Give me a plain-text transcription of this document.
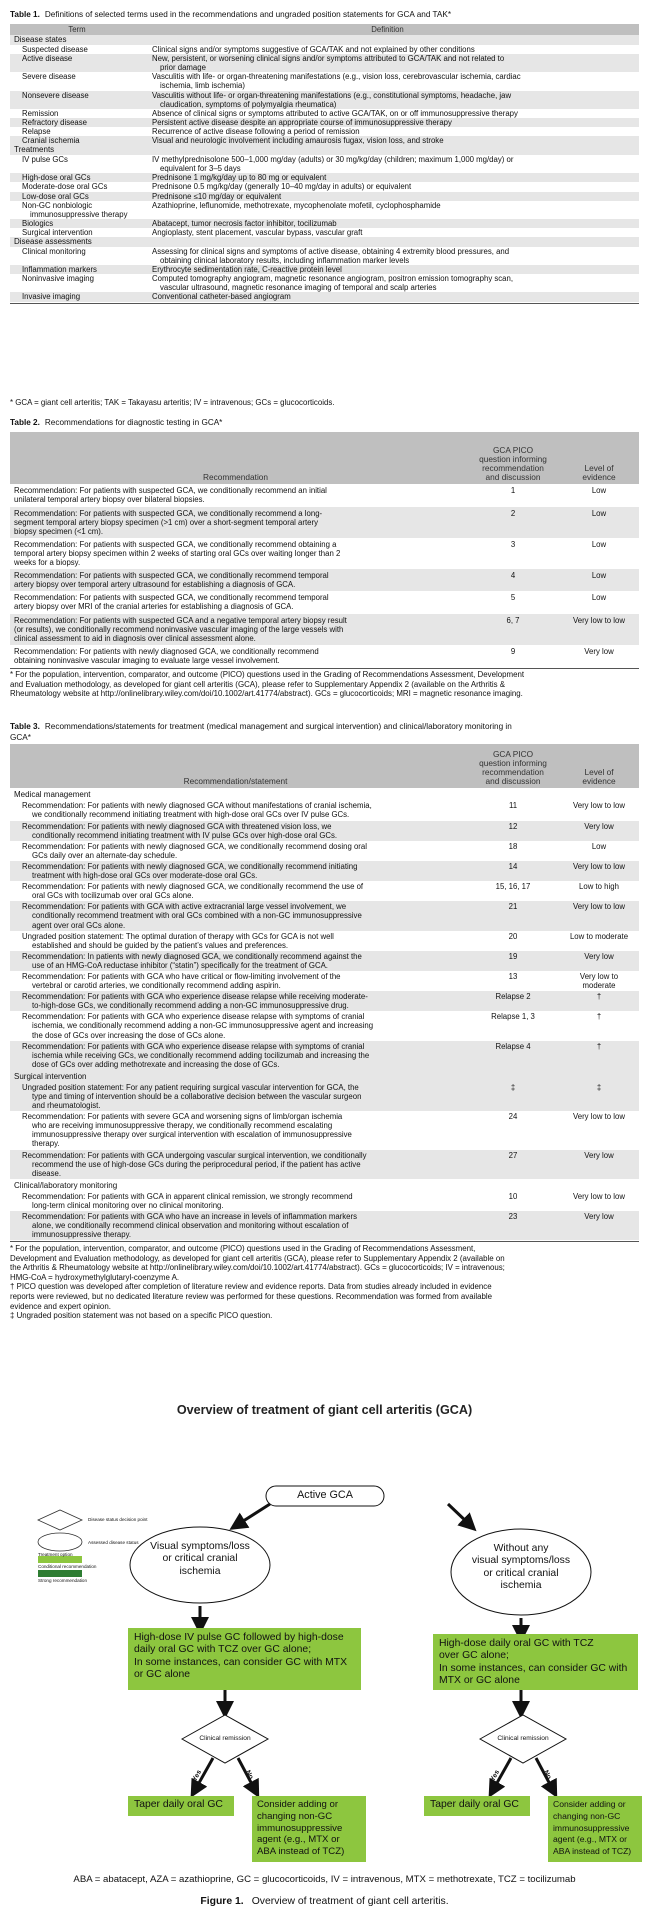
Table 1. Definitions of selected terms used in the recommendations and ungraded position statements for GCA and TAK*
Term	Definition
Disease states
Suspected disease	Clinical signs and/or symptoms suggestive of GCA/TAK and not explained by other conditions
Active disease	New, persistent, or worsening clinical signs and/or symptoms attributed to GCA/TAK and not related to
prior damage
Severe disease	Vasculitis with life- or organ-threatening manifestations (e.g., vision loss, cerebrovascular ischemia, cardiac
ischemia, limb ischemia)
Nonsevere disease	Vasculitis without life- or organ-threatening manifestations (e.g., constitutional symptoms, headache, jaw
claudication, symptoms of polymyalgia rheumatica)
Remission	Absence of clinical signs or symptoms attributed to active GCA/TAK, on or off immunosuppressive therapy
Refractory disease	Persistent active disease despite an appropriate course of immunosuppressive therapy
Relapse	Recurrence of active disease following a period of remission
Cranial ischemia	Visual and neurologic involvement including amaurosis fugax, vision loss, and stroke
Treatments
IV pulse GCs	IV methylprednisolone 500–1,000 mg/day (adults) or 30 mg/kg/day (children; maximum 1,000 mg/day) or
equivalent for 3–5 days
High-dose oral GCs	Prednisone 1 mg/kg/day up to 80 mg or equivalent
Moderate-dose oral GCs	Prednisone 0.5 mg/kg/day (generally 10–40 mg/day in adults) or equivalent
Low-dose oral GCs	Prednisone ≤10 mg/day or equivalent
Non-GC nonbiologic
immunosuppressive therapy
Azathioprine, leflunomide, methotrexate, mycophenolate mofetil, cyclophosphamide
Biologics	Abatacept, tumor necrosis factor inhibitor, tocilizumab
Surgical intervention	Angioplasty, stent placement, vascular bypass, vascular graft
Disease assessments
Clinical monitoring	Assessing for clinical signs and symptoms of active disease, obtaining 4 extremity blood pressures, and
obtaining clinical laboratory results, including inflammation marker levels
Inflammation markers	Erythrocyte sedimentation rate, C-reactive protein level
Noninvasive imaging	Computed tomography angiogram, magnetic resonance angiogram, positron emission tomography scan,
vascular ultrasound, magnetic resonance imaging of temporal and scalp arteries
Invasive imaging	Conventional catheter-based angiogram
* GCA = giant cell arteritis; TAK = Takayasu arteritis; IV = intravenous; GCs = glucocorticoids.
Table 2. Recommendations for diagnostic testing in GCA*
Recommendation
GCA PICO
question informing
recommendation
and discussion
Level of
evidence
Recommendation: For patients with suspected GCA, we conditionally recommend an initial
unilateral temporal artery biopsy over bilateral biopsies.
1	Low
Recommendation: For patients with suspected GCA, we conditionally recommend a long-
segment temporal artery biopsy specimen (>1 cm) over a short-segment temporal artery
biopsy specimen (<1 cm).
2	Low
Recommendation: For patients with suspected GCA, we conditionally recommend obtaining a
temporal artery biopsy specimen within 2 weeks of starting oral GCs over waiting longer than 2
weeks for a biopsy.
3	Low
Recommendation: For patients with suspected GCA, we conditionally recommend temporal
artery biopsy over temporal artery ultrasound for establishing a diagnosis of GCA.
4	Low
Recommendation: For patients with suspected GCA, we conditionally recommend temporal
artery biopsy over MRI of the cranial arteries for establishing a diagnosis of GCA.
5	Low
Recommendation: For patients with suspected GCA and a negative temporal artery biopsy result
(or results), we conditionally recommend noninvasive vascular imaging of the large vessels with
clinical assessment to aid in diagnosis over clinical assessment alone.
6, 7	Very low to low
Recommendation: For patients with newly diagnosed GCA, we conditionally recommend
obtaining noninvasive vascular imaging to evaluate large vessel involvement.
9	Very low
* For the population, intervention, comparator, and outcome (PICO) questions used in the Grading of Recommendations Assessment, Development
and Evaluation methodology, as developed for giant cell arteritis (GCA), please refer to Supplementary Appendix 2 (available on the Arthritis &
Rheumatology website at http://onlinelibrary.wiley.com/doi/10.1002/art.41774/abstract). GCs = glucocorticoids; MRI = magnetic resonance imaging.
Table 3. Recommendations/statements for treatment (medical management and surgical intervention) and clinical/laboratory monitoring in
GCA*
Recommendation/statement
GCA PICO
question informing
recommendation
and discussion
Level of
evidence
Medical management
Recommendation: For patients with newly diagnosed GCA without manifestations of cranial ischemia,
we conditionally recommend initiating treatment with high-dose oral GCs over IV pulse GCs.
11	Very low to low
Recommendation: For patients with newly diagnosed GCA with threatened vision loss, we
conditionally recommend initiating treatment with IV pulse GCs over high-dose oral GCs.
12	Very low
Recommendation: For patients with newly diagnosed GCA, we conditionally recommend dosing oral
GCs daily over an alternate-day schedule.
18	Low
Recommendation: For patients with newly diagnosed GCA, we conditionally recommend initiating
treatment with high-dose oral GCs over moderate-dose oral GCs.
14	Very low to low
Recommendation: For patients with newly diagnosed GCA, we conditionally recommend the use of
oral GCs with tocilizumab over oral GCs alone.
15, 16, 17	Low to high
Recommendation: For patients with GCA with active extracranial large vessel involvement, we
conditionally recommend treatment with oral GCs combined with a non-GC immunosuppressive
agent over oral GCs alone.
21	Very low to low
Ungraded position statement: The optimal duration of therapy with GCs for GCA is not well
established and should be guided by the patient’s values and preferences.
20	Low to moderate
Recommendation: In patients with newly diagnosed GCA, we conditionally recommend against the
use of an HMG-CoA reductase inhibitor (“statin”) specifically for the treatment of GCA.
19	Very low
Recommendation: For patients with GCA who have critical or flow-limiting involvement of the
vertebral or carotid arteries, we conditionally recommend adding aspirin.
13	Very low to
moderate
Recommendation: For patients with GCA who experience disease relapse while receiving moderate-
to-high-dose GCs, we conditionally recommend adding a non-GC immunosuppressive drug.
Relapse 2	†
Recommendation: For patients with GCA who experience disease relapse with symptoms of cranial
ischemia, we conditionally recommend adding a non-GC immunosuppressive agent and increasing
the dose of GCs over increasing the dose of GCs alone.
Relapse 1, 3	†
Recommendation: For patients with GCA who experience disease relapse with symptoms of cranial
ischemia while receiving GCs, we conditionally recommend adding tocilizumab and increasing the
dose of GCs over adding methotrexate and increasing the dose of GCs.
Relapse 4	†
Surgical intervention
Ungraded position statement: For any patient requiring surgical vascular intervention for GCA, the
type and timing of intervention should be a collaborative decision between the vascular surgeon
and rheumatologist.
‡	‡
Recommendation: For patients with severe GCA and worsening signs of limb/organ ischemia
who are receiving immunosuppressive therapy, we conditionally recommend escalating
immunosuppressive therapy over surgical intervention with escalation of immunosuppressive
therapy.
24	Very low to low
Recommendation: For patients with GCA undergoing vascular surgical intervention, we conditionally
recommend the use of high-dose GCs during the periprocedural period, if the patient has active
disease.
27	Very low
Clinical/laboratory monitoring
Recommendation: For patients with GCA in apparent clinical remission, we strongly recommend
long-term clinical monitoring over no clinical monitoring.
10	Very low to low
Recommendation: For patients with GCA who have an increase in levels of inflammation markers
alone, we conditionally recommend clinical observation and monitoring without escalation of
immunosuppressive therapy.
23	Very low
* For the population, intervention, comparator, and outcome (PICO) questions used in the Grading of Recommendations Assessment,
Development and Evaluation methodology, as developed for giant cell arteritis (GCA), please refer to Supplementary Appendix 2 (available on
the Arthritis & Rheumatology website at http://onlinelibrary.wiley.com/doi/10.1002/art.41774/abstract). GCs = glucocorticoids; IV = intravenous;
HMG-CoA = hydroxymethylglutaryl-coenzyme A.
† PICO question was developed after completion of literature review and evidence reports. Data from studies already included in evidence
reports were reviewed, but no dedicated literature review was performed for these questions. Recommendation was formed from available
evidence and expert opinion.
‡ Ungraded position statement was not based on a specific PICO question.
Overview of treatment of giant cell arteritis (GCA)
Disease status decision point
Assessed disease status
Treatment option
Conditional recommendation
Strong recommendation
Active GCA
Visual symptoms/loss
or critical cranial
ischemia
Without any
visual symptoms/loss
or critical cranial
ischemia
High-dose IV pulse GC followed by high-dose
daily oral GC with TCZ over GC alone;
In some instances, can consider GC with MTX
or GC alone
High-dose daily oral GC with TCZ
over GC alone;
In some instances, can consider GC with
MTX or GC alone
Clinical remission	Clinical remission
Yes	No	Yes	No
Taper daily oral GC	Taper daily oral GC
Consider adding or
changing non-GC
immunosuppressive
agent (e.g., MTX or
ABA instead of TCZ)
Consider adding or
changing non-GC
immunosuppressive
agent (e.g., MTX or
ABA instead of TCZ)
ABA = abatacept, AZA = azathioprine, GC = glucocorticoids, IV = intravenous, MTX = methotrexate, TCZ = tocilizumab
Figure 1. Overview of treatment of giant cell arteritis.
